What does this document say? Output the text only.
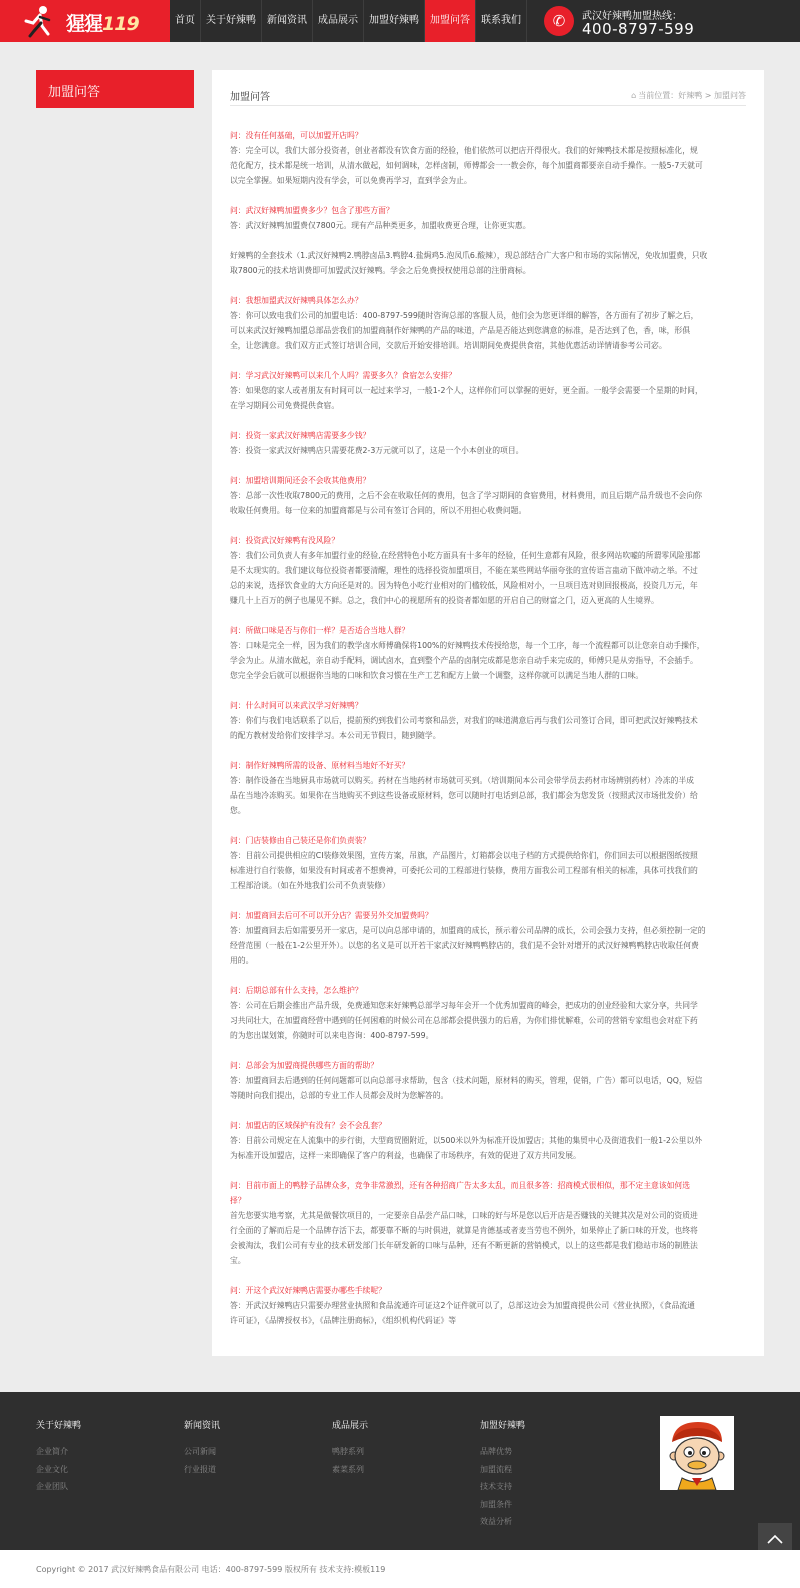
猩猩119	首页	关于好辣鸭	新闻资讯	成品展示	加盟好辣鸭	加盟问答	联系我们	✆	武汉好辣鸭加盟热线：
400-8797-599
加盟问答	加盟问答	⌂ 当前位置：好辣鸭 > 加盟问答
问：没有任何基础，可以加盟开店吗？
答：完全可以，我们大部分投资者，创业者都没有饮食方面的经验，他们依然可以把店开得很火。我们的好辣鸭技术都是按照标准化，规
范化配方，技术都是统一培训，从清水做起，如何调味，怎样卤制，师傅都会一一教会你，每个加盟商都要亲自动手操作。一般5-7天就可
以完全掌握。如果短期内没有学会，可以免费再学习，直到学会为止。
问：武汉好辣鸭加盟费多少？包含了那些方面？
答：武汉好辣鸭加盟费仅7800元。现有产品种类更多，加盟收费更合理，让你更实惠。

好辣鸭的全套技术（1.武汉好辣鸭2.鸭脖卤品3.鸭脖4.盐焗鸡5.泡凤爪6.酸辣），现总部结合广大客户和市场的实际情况，免收加盟费，只收
取7800元的技术培训费即可加盟武汉好辣鸭。学会之后免费授权使用总部的注册商标。
问：我想加盟武汉好辣鸭具体怎么办？
答：你可以致电我们公司的加盟电话：400-8797-599随时咨询总部的客服人员，他们会为您更详细的解答，各方面有了初步了解之后，
可以来武汉好辣鸭加盟总部品尝我们的加盟商制作好辣鸭的产品的味道，产品是否能达到您满意的标准，是否达到了色，香，味，形俱
全，让您满意。我们双方正式签订培训合同，交款后开始安排培训。培训期间免费提供食宿，其他优惠活动详情请参考公司宓。
问：学习武汉好辣鸭可以来几个人吗？需要多久？食宿怎么安排？
答：如果您的家人或者朋友有时间可以一起过来学习，一般1-2个人，这样你们可以掌握的更好，更全面。一般学会需要一个星期的时间，
在学习期间公司免费提供食宿。
问：投资一家武汉好辣鸭店需要多少钱？
答：投资一家武汉好辣鸭店只需要花费2-3万元就可以了，这是一个小本创业的项目。
问：加盟培训期间还会不会收其他费用？
答：总部一次性收取7800元的费用，之后不会在收取任何的费用，包含了学习期间的食宿费用，材料费用，而且后期产品升级也不会向你
收取任何费用。每一位来的加盟商都是与公司有签订合同的，所以不用担心收费问题。
问：投资武汉好辣鸭有没风险？
答：我们公司负责人有多年加盟行业的经验,在经营特色小吃方面具有十多年的经验，任何生意都有风险，很多网站吹嘘的所谓零风险那都
是不太现实的。我们建议每位投资者都要清醒，理性的选择投资加盟项目，不能在某些网站华丽夸张的宣传语言蛊动下做冲动之举。不过
总的来说，选择饮食业的大方向还是对的。因为特色小吃行业相对的门槛较低，风险相对小，一旦项目选对则回报极高，投资几万元，年
赚几十上百万的例子也屡见不鲜。总之，我们中心的视愿所有的投资者都如愿的开启自己的财富之门，迈入更高的人生境界。
问：所做口味是否与你们一样？是否适合当地人群？
答：口味是完全一样，因为我们的教学卤水师傅确保将100%的好辣鸭技术传授给您，每一个工序，每一个流程都可以让您亲自动手操作，
学会为止。从清水做起，亲自动手配料，调试卤水，直到整个产品的卤制完成都是您亲自动手来完成的，师傅只是从旁指导，不会插手。
您完全学会后就可以根据你当地的口味和饮食习惯在生产工艺和配方上做一个调整，这样你就可以满足当地人群的口味。
问：什么时间可以来武汉学习好辣鸭？
答：你们与我们电话联系了以后，提前预约到我们公司考察和品尝，对我们的味道满意后再与我们公司签订合同，即可把武汉好辣鸭技术
的配方教材发给你们安排学习。本公司无节假日，随到随学。
问：制作好辣鸭所需的设备、原材料当地好不好买？
答：制作设备在当地厨具市场就可以购买。药材在当地药材市场就可买到。（培训期间本公司会带学员去药材市场辨别药材）冷冻的半成
品在当地冷冻购买。如果你在当地购买不到这些设备或原材料，您可以随时打电话到总部，我们都会为您发货（按照武汉市场批发价）给
您。
问：门店装修由自己装还是你们负责装？
答：目前公司提供相应的CI装修效果图，宣传方案，吊旗，产品图片，灯箱都会以电子档的方式提供给你们，你们回去可以根据图纸按照
标准进行自行装修，如果没有时间或者不想费神，可委托公司的工程部进行装修，费用方面我公司工程部有相关的标准，具体可找我们的
工程部洽谈。（如在外地我们公司不负责装修）
问：加盟商回去后可不可以开分店？需要另外交加盟费吗？
答：加盟商回去后如需要另开一家店，是可以向总部申请的，加盟商的成长，预示着公司品牌的成长，公司会强力支持，但必须控制一定的
经营范围（一般在1-2公里开外）。以您的名义是可以开若干家武汉好辣鸭鸭脖店的，我们是不会针对增开的武汉好辣鸭鸭脖店收取任何费
用的。
问：后期总部有什么支持，怎么维护？
答：公司在后期会推出产品升级，免费通知您来好辣鸭总部学习每年会开一个优秀加盟商的峰会，把成功的创业经验和大家分享，共同学
习共同壮大，在加盟商经营中遇到的任何困难的时候公司在总部都会提供强力的后盾，为你们排忧解难，公司的营销专家组也会对症下药
的为您出谋划策，你随时可以来电咨询：400-8797-599。
问：总部会为加盟商提供哪些方面的帮助？
答：加盟商回去后遇到的任何问题都可以向总部寻求帮助，包含（技术问题，原材料的购买，管理，促销，广告）都可以电话，QQ，短信
等随时向我们提出，总部的专业工作人员都会及时为您解答的。
问：加盟店的区域保护有没有？会不会乱套？
答：目前公司规定在人流集中的步行街，大型商贸圈附近，以500米以外为标准开设加盟店；其他的集贸中心及街道我们一般1-2公里以外
为标准开设加盟店，这样一来即确保了客户的利益，也确保了市场秩序，有效的促进了双方共同发展。
问：目前市面上的鸭脖子品牌众多，竞争非常激烈，还有各种招商广告太多太乱，而且很多答：招商模式很相似，那不定主意该如何选
择？
首先您要实地考察，尤其是做餐饮项目的，一定要亲自品尝产品口味，口味的好与坏是您以后开店是否赚钱的关键其次是对公司的资质进
行全面的了解而后是一个品牌存活下去，都要靠不断的与时俱进，就算是肯德基或者麦当劳也不例外，如果停止了新口味的开发，也终将
会被淘汰，我们公司有专业的技术研发部门长年研发新的口味与品种，还有不断更新的营销模式，以上的这些都是我们稳站市场的制胜法
宝。
问：开这个武汉好辣鸭店需要办哪些手续呢？
答：开武汉好辣鸭店只需要办理营业执照和食品流通许可证这2个证件就可以了，总部这边会为加盟商提供公司《营业执照》，《食品流通
许可证》，《品牌授权书》，《品牌注册商标》，《组织机构代码证》等
关于好辣鸭
企业简介
企业文化
企业团队
新闻资讯
公司新闻
行业报道
成品展示
鸭脖系列
素菜系列
加盟好辣鸭
品牌优势
加盟流程
技术支持
加盟条件
效益分析
Copyright © 2017 武汉好辣鸭食品有限公司 电话：400-8797-599 版权所有 技术支持:模板119
